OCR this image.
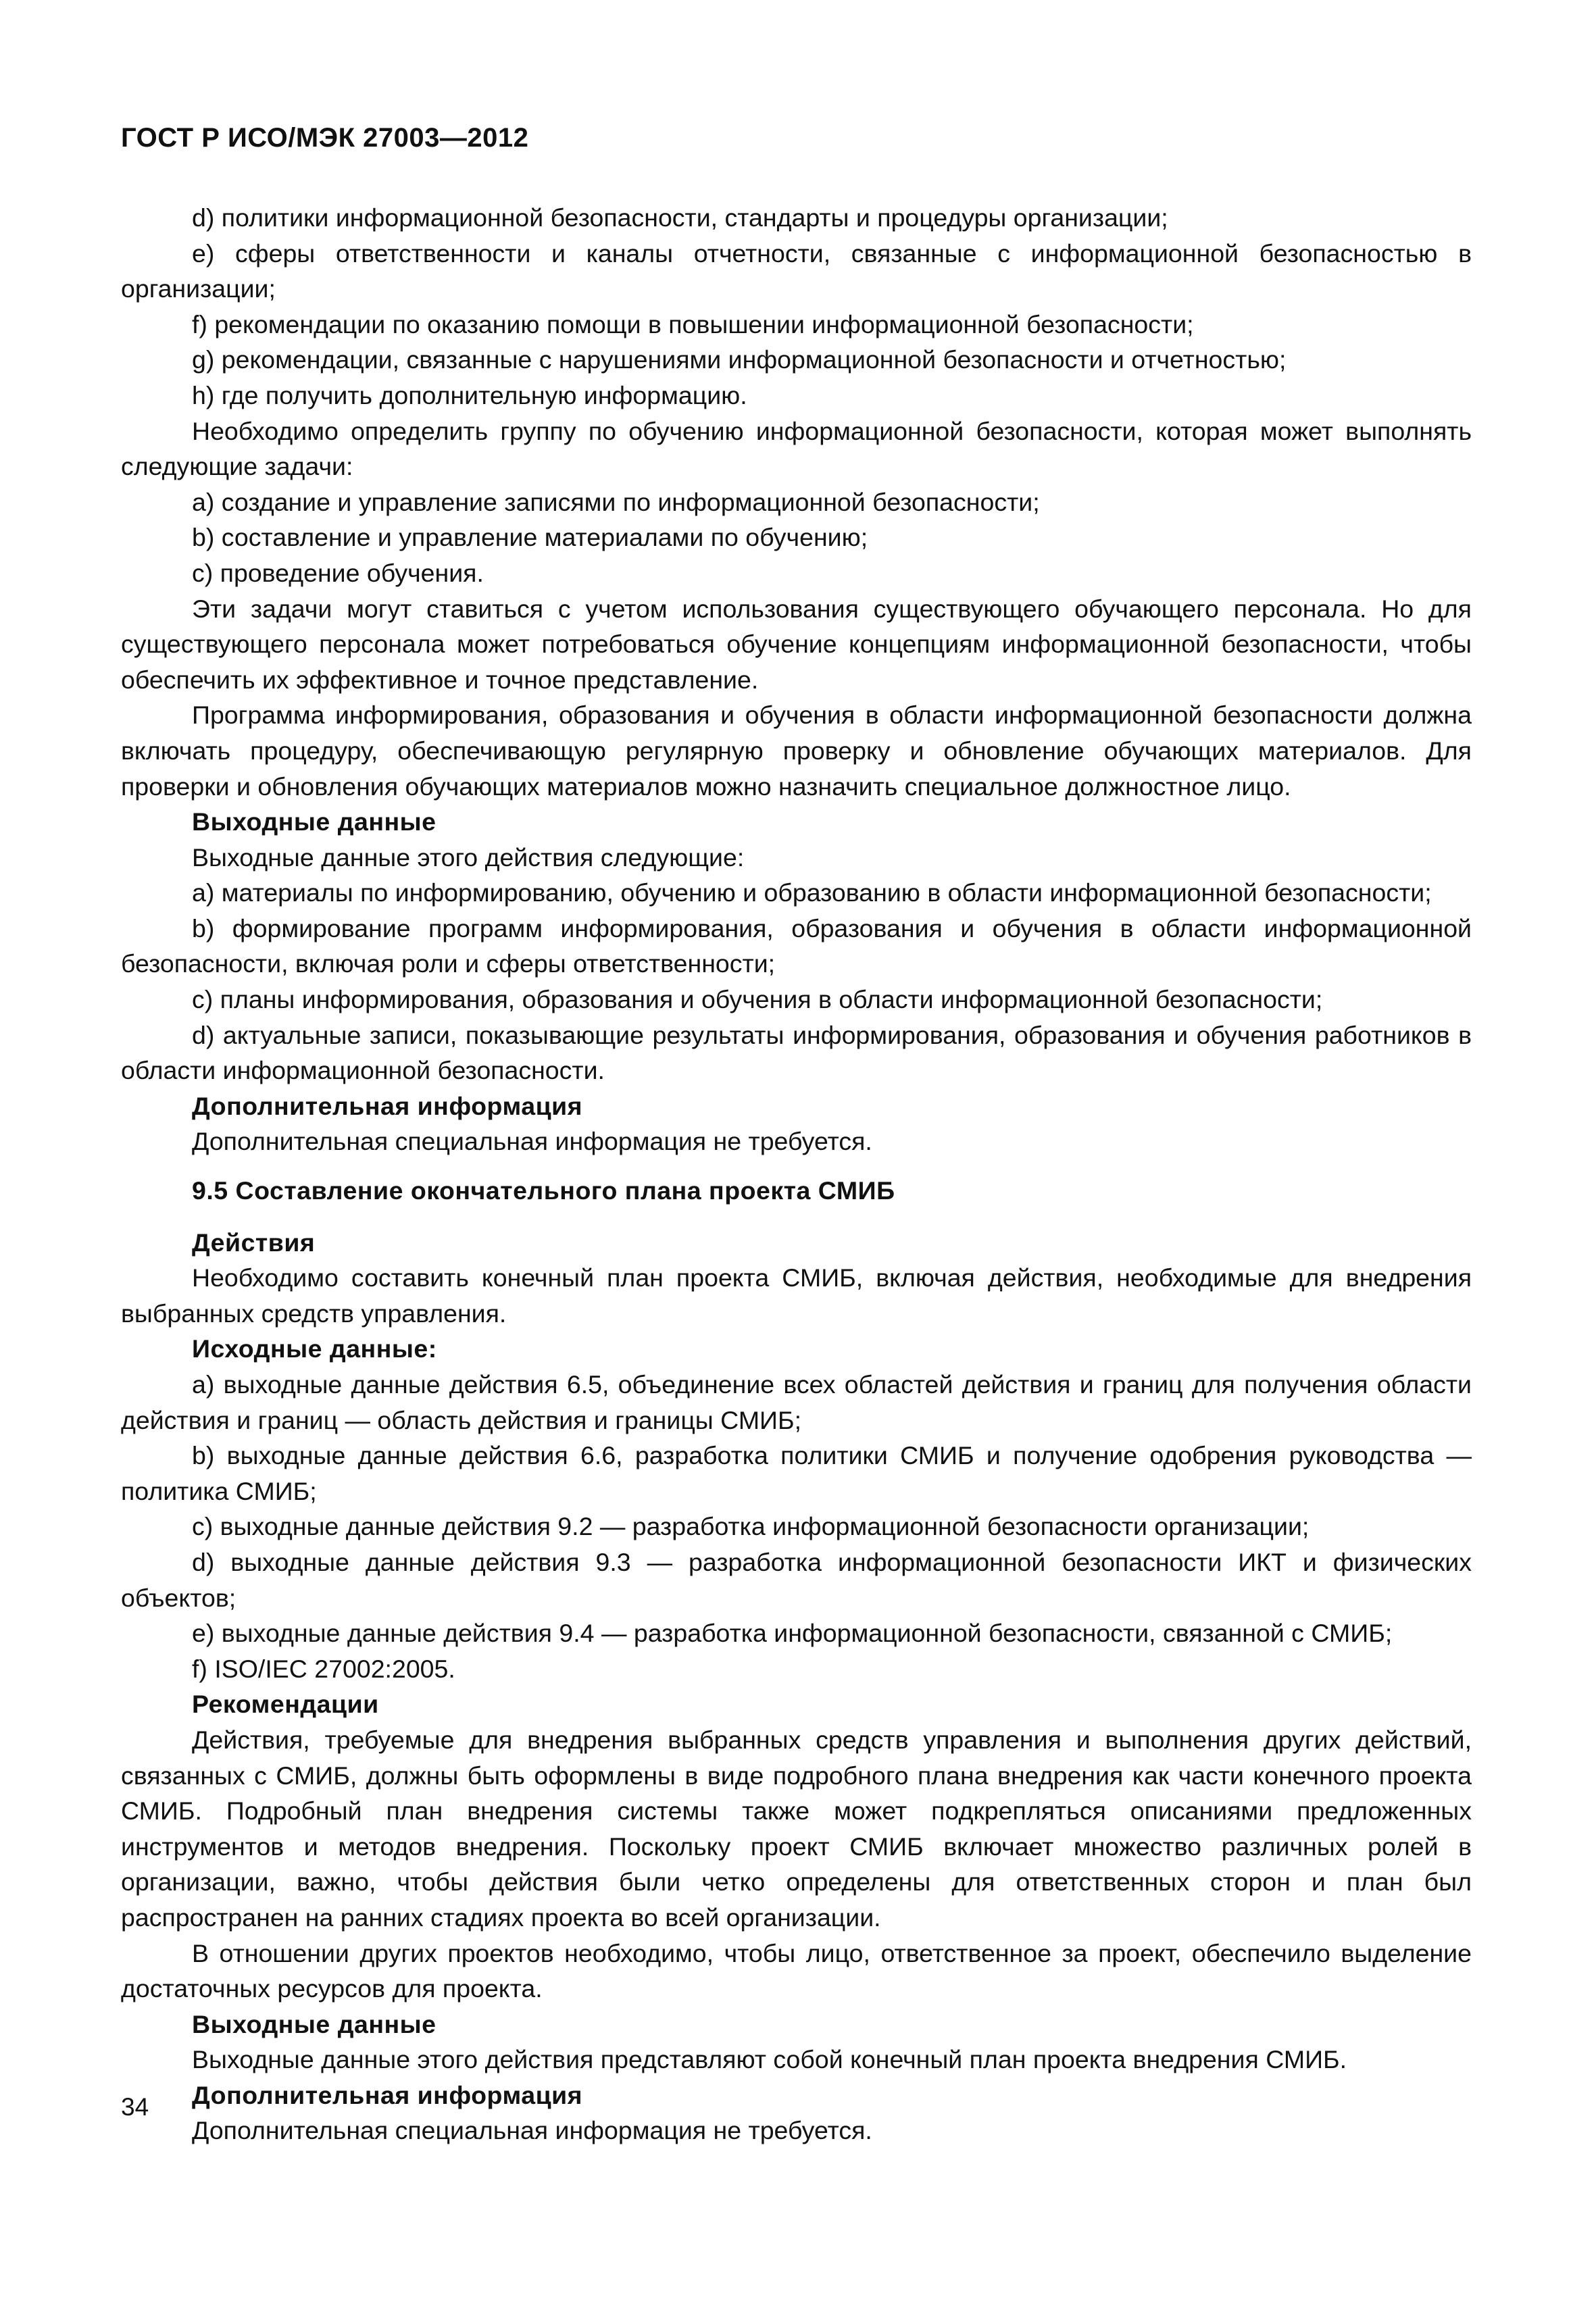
ГОСТ Р ИСО/МЭК 27003—2012

d) политики информационной безопасности, стандарты и процедуры организации;

e) сферы ответственности и каналы отчетности, связанные с информационной безопасностью в организации;

f) рекомендации по оказанию помощи в повышении информационной безопасности;

g) рекомендации, связанные с нарушениями информационной безопасности и отчетностью;

h) где получить дополнительную информацию.

Необходимо определить группу по обучению информационной безопасности, которая может выполнять следующие задачи:

a) создание и управление записями по информационной безопасности;

b) составление и управление материалами по обучению;

c) проведение обучения.

Эти задачи могут ставиться с учетом использования существующего обучающего персонала. Но для существующего персонала может потребоваться обучение концепциям информационной безопасности, чтобы обеспечить их эффективное и точное представление.

Программа информирования, образования и обучения в области информационной безопасности должна включать процедуру, обеспечивающую регулярную проверку и обновление обучающих материалов. Для проверки и обновления обучающих материалов можно назначить специальное должностное лицо.

Выходные данные

Выходные данные этого действия следующие:

a) материалы по информированию, обучению и образованию в области информационной безопасности;

b) формирование программ информирования, образования и обучения в области информационной безопасности, включая роли и сферы ответственности;

c) планы информирования, образования и обучения в области информационной безопасности;

d) актуальные записи, показывающие результаты информирования, образования и обучения работников в области информационной безопасности.

Дополнительная информация

Дополнительная специальная информация не требуется.

9.5 Составление окончательного плана проекта СМИБ

Действия

Необходимо составить конечный план проекта СМИБ, включая действия, необходимые для внедрения выбранных средств управления.

Исходные данные:

a) выходные данные действия 6.5, объединение всех областей действия и границ для получения области действия и границ — область действия и границы СМИБ;

b) выходные данные действия 6.6, разработка политики СМИБ и получение одобрения руководства — политика СМИБ;

c) выходные данные действия 9.2 — разработка информационной безопасности организации;

d) выходные данные действия 9.3 — разработка информационной безопасности ИКТ и физических объектов;

e) выходные данные действия 9.4 — разработка информационной безопасности, связанной с СМИБ;

f) ISO/IEC 27002:2005.

Рекомендации

Действия, требуемые для внедрения выбранных средств управления и выполнения других действий, связанных с СМИБ, должны быть оформлены в виде подробного плана внедрения как части конечного проекта СМИБ. Подробный план внедрения системы также может подкрепляться описаниями предложенных инструментов и методов внедрения. Поскольку проект СМИБ включает множество различных ролей в организации, важно, чтобы действия были четко определены для ответственных сторон и план был распространен на ранних стадиях проекта во всей организации.

В отношении других проектов необходимо, чтобы лицо, ответственное за проект, обеспечило выделение достаточных ресурсов для проекта.

Выходные данные

Выходные данные этого действия представляют собой конечный план проекта внедрения СМИБ.

Дополнительная информация

Дополнительная специальная информация не требуется.

34
